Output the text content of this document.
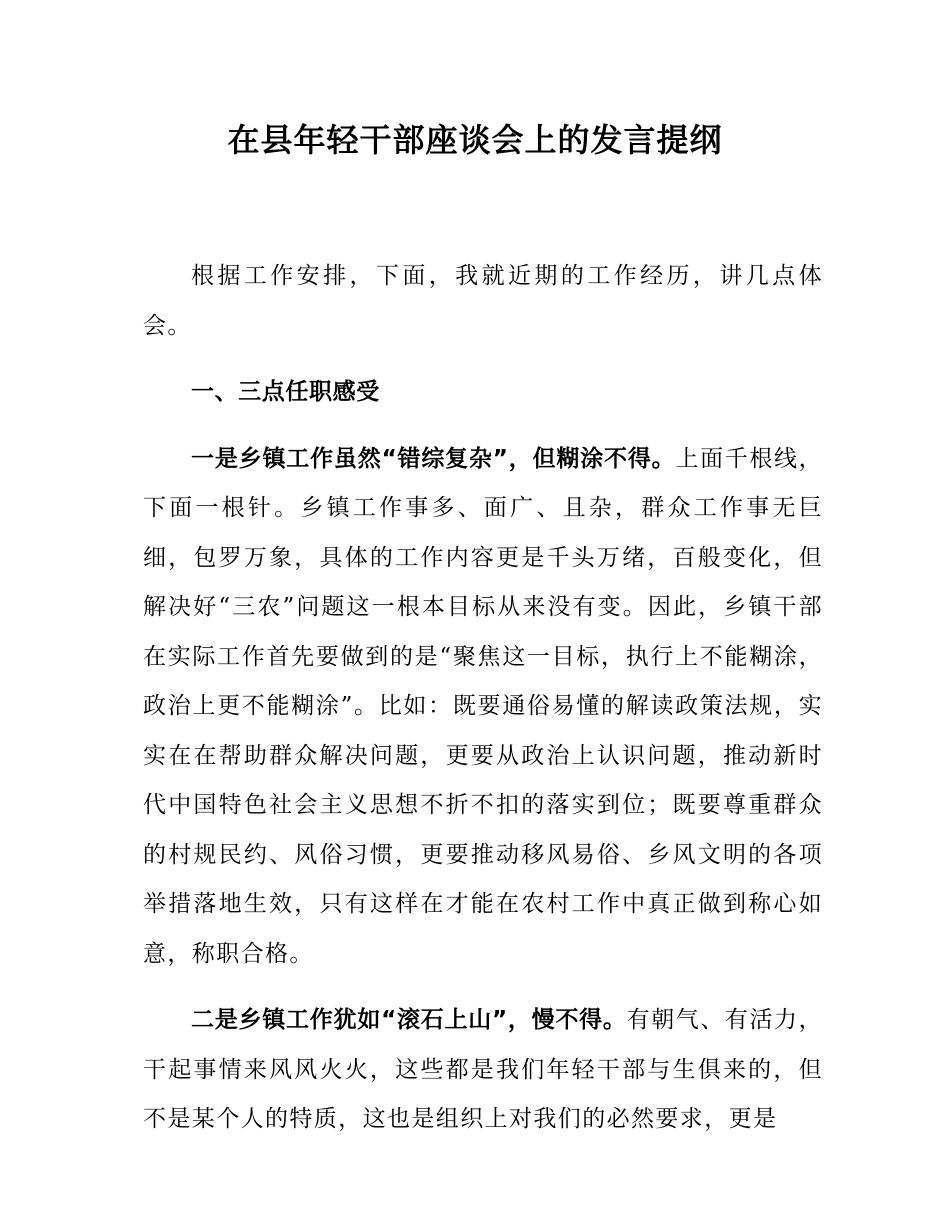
在县年轻干部座谈会上的发言提纲

根据工作安排，下面，我就近期的工作经历，讲几点体会。

一、三点任职感受

一是乡镇工作虽然“错综复杂”，但糊涂不得。上面千根线，下面一根针。乡镇工作事多、面广、且杂，群众工作事无巨细，包罗万象，具体的工作内容更是千头万绪，百般变化，但解决好“三农”问题这一根本目标从来没有变。因此，乡镇干部在实际工作首先要做到的是“聚焦这一目标，执行上不能糊涂，政治上更不能糊涂”。比如：既要通俗易懂的解读政策法规，实实在在帮助群众解决问题，更要从政治上认识问题，推动新时代中国特色社会主义思想不折不扣的落实到位；既要尊重群众的村规民约、风俗习惯，更要推动移风易俗、乡风文明的各项举措落地生效，只有这样在才能在农村工作中真正做到称心如意，称职合格。

二是乡镇工作犹如“滚石上山”，慢不得。有朝气、有活力，干起事情来风风火火，这些都是我们年轻干部与生俱来的，但不是某个人的特质，这也是组织上对我们的必然要求，更是
